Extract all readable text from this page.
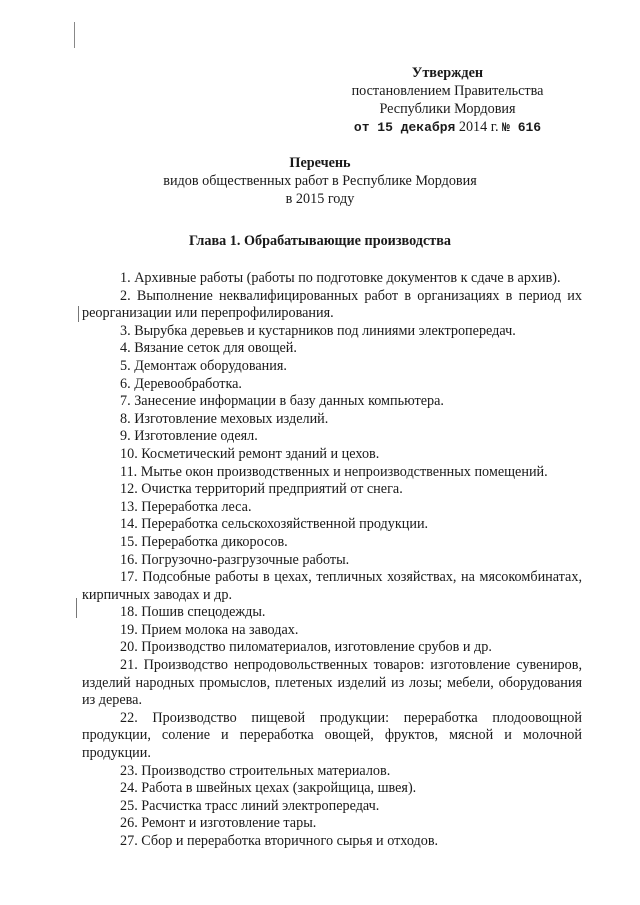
Утвержден
постановлением Правительства
Республики Мордовия
от 15 декабря 2014 г. № 616
Перечень
видов общественных работ в Республике Мордовия
в 2015 году
Глава 1. Обрабатывающие производства

1. Архивные работы (работы по подготовке документов к сдаче в архив).

2. Выполнение неквалифицированных работ в организациях в период их реорганизации или перепрофилирования.

3. Вырубка деревьев и кустарников под линиями электропередач.

4. Вязание сеток для овощей.

5. Демонтаж оборудования.

6. Деревообработка.

7. Занесение информации в базу данных компьютера.

8. Изготовление меховых изделий.

9. Изготовление одеял.

10. Косметический ремонт зданий и цехов.

11. Мытье окон производственных и непроизводственных помещений.

12. Очистка территорий предприятий от снега.

13. Переработка леса.

14. Переработка сельскохозяйственной продукции.

15. Переработка дикоросов.

16. Погрузочно-разгрузочные работы.

17. Подсобные работы в цехах, тепличных хозяйствах, на мясокомбинатах, кирпичных заводах и др.

18. Пошив спецодежды.

19. Прием молока на заводах.

20. Производство пиломатериалов, изготовление срубов и др.

21. Производство непродовольственных товаров: изготовление сувениров, изделий народных промыслов, плетеных изделий из лозы; мебели, оборудования из дерева.

22. Производство пищевой продукции: переработка плодоовощной продукции, соление и переработка овощей, фруктов, мясной и молочной продукции.

23. Производство строительных материалов.

24. Работа в швейных цехах (закройщица, швея).

25. Расчистка трасс линий электропередач.

26. Ремонт и изготовление тары.

27. Сбор и переработка вторичного сырья и отходов.
